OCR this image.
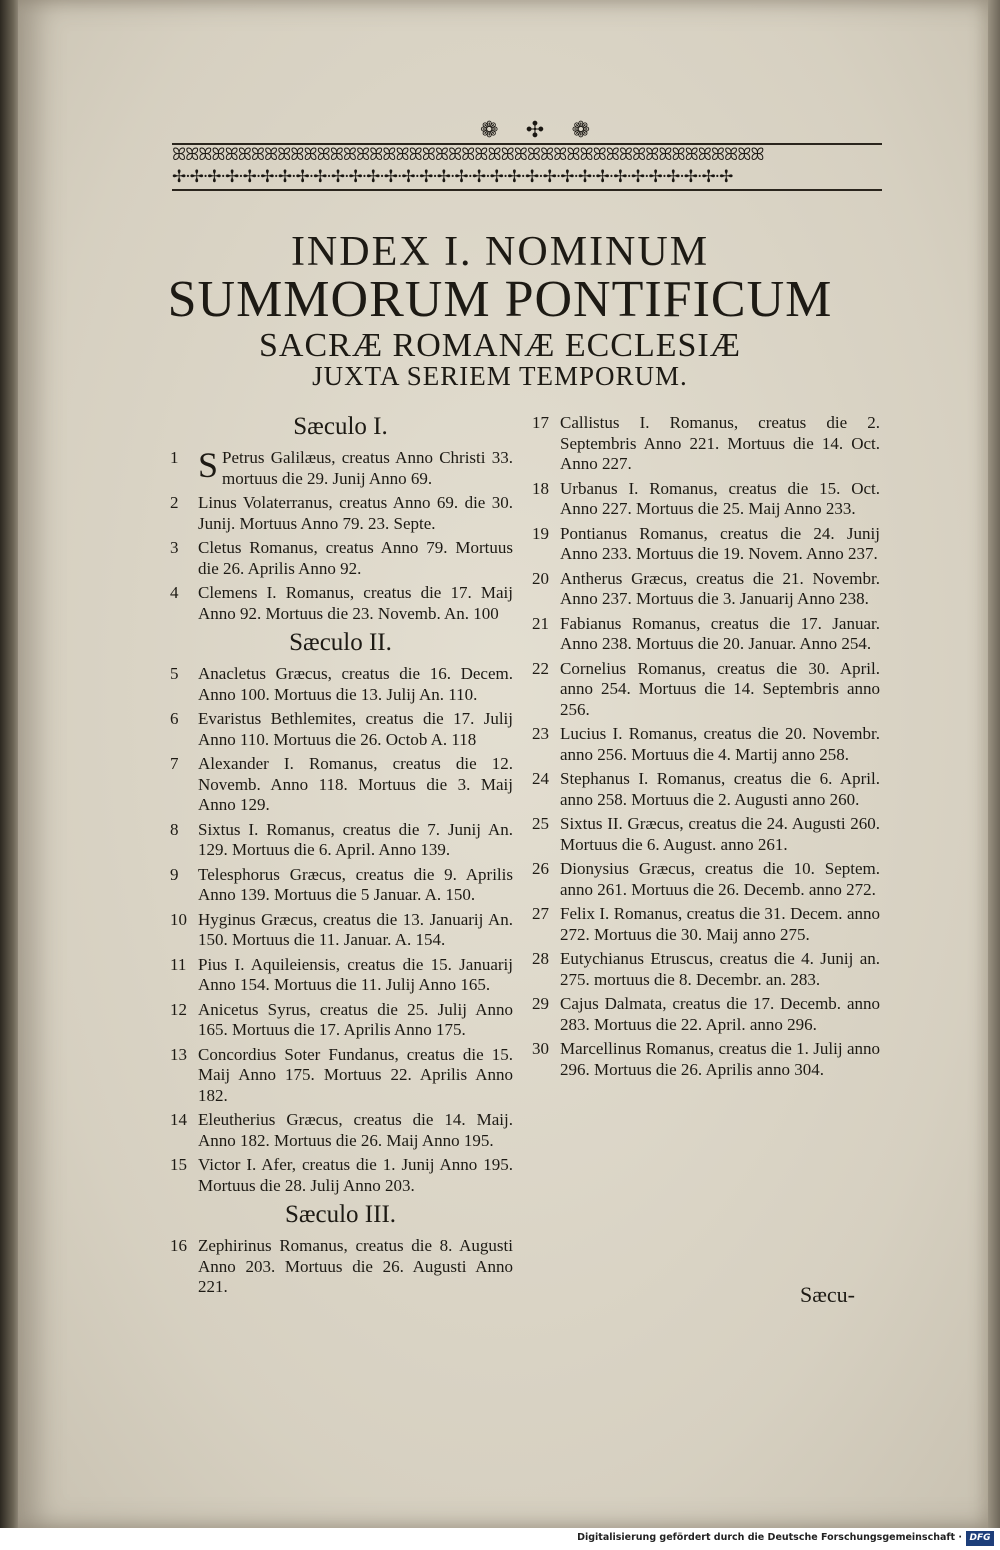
❁ ✣ ❁
ꕤꕤꕤꕤꕤꕤꕤꕤꕤꕤꕤꕤꕤꕤꕤꕤꕤꕤꕤꕤꕤꕤꕤꕤꕤꕤꕤꕤꕤꕤꕤꕤꕤꕤꕤꕤꕤꕤꕤꕤꕤꕤꕤꕤꕤ
✢·✢·✢·✢·✢·✢·✢·✢·✢·✢·✢·✢·✢·✢·✢·✢·✢·✢·✢·✢·✢·✢·✢·✢·✢·✢·✢·✢·✢·✢·✢·✢
INDEX I. NOMINUM
SUMMORUM PONTIFICUM
SACRÆ ROMANÆ ECCLESIÆ
JUXTA SERIEM TEMPORUM.
Sæculo I.
1 S Petrus Galilæus, creatus Anno Christi 33. mortuus die 29. Junij Anno 69.
2	Linus Volaterranus, creatus Anno 69. die 30. Junij. Mortuus Anno 79. 23. Septe.
3	Cletus Romanus, creatus Anno 79. Mortuus die 26. Aprilis Anno 92.
4	Clemens I. Romanus, creatus die 17. Maij Anno 92. Mortuus die 23. Novemb. An. 100
Sæculo II.
5	Anacletus Græcus, creatus die 16. Decem. Anno 100. Mortuus die 13. Julij An. 110.
6	Evaristus Bethlemites, creatus die 17. Julij Anno 110. Mortuus die 26. Octob A. 118
7	Alexander I. Romanus, creatus die 12. Novemb. Anno 118. Mortuus die 3. Maij Anno 129.
8	Sixtus I. Romanus, creatus die 7. Junij An. 129. Mortuus die 6. April. Anno 139.
9	Telesphorus Græcus, creatus die 9. Aprilis Anno 139. Mortuus die 5 Januar. A. 150.
10 Hyginus Græcus, creatus die 13. Januarij An. 150. Mortuus die 11. Januar. A. 154.
11 Pius I. Aquileiensis, creatus die 15. Januarij Anno 154. Mortuus die 11. Julij Anno 165.
12 Anicetus Syrus, creatus die 25. Julij Anno 165. Mortuus die 17. Aprilis Anno 175.
13 Concordius Soter Fundanus, creatus die 15. Maij Anno 175. Mortuus 22. Aprilis Anno 182.
14 Eleutherius Græcus, creatus die 14. Maij. Anno 182. Mortuus die 26. Maij Anno 195.
15 Victor I. Afer, creatus die 1. Junij Anno 195. Mortuus die 28. Julij Anno 203.
Sæculo III.
16 Zephirinus Romanus, creatus die 8. Augusti Anno 203. Mortuus die 26. Augusti Anno 221.
17 Callistus I. Romanus, creatus die 2. Septembris Anno 221. Mortuus die 14. Oct. Anno 227.
18 Urbanus I. Romanus, creatus die 15. Oct. Anno 227. Mortuus die 25. Maij Anno 233.
19 Pontianus Romanus, creatus die 24. Junij Anno 233. Mortuus die 19. Novem. Anno 237.
20 Antherus Græcus, creatus die 21. Novembr. Anno 237. Mortuus die 3. Januarij Anno 238.
21 Fabianus Romanus, creatus die 17. Januar. Anno 238. Mortuus die 20. Januar. Anno 254.
22 Cornelius Romanus, creatus die 30. April. anno 254. Mortuus die 14. Septembris anno 256.
23 Lucius I. Romanus, creatus die 20. Novembr. anno 256. Mortuus die 4. Martij anno 258.
24 Stephanus I. Romanus, creatus die 6. April. anno 258. Mortuus die 2. Augusti anno 260.
25 Sixtus II. Græcus, creatus die 24. Augusti 260. Mortuus die 6. August. anno 261.
26 Dionysius Græcus, creatus die 10. Septem. anno 261. Mortuus die 26. Decemb. anno 272.
27 Felix I. Romanus, creatus die 31. Decem. anno 272. Mortuus die 30. Maij anno 275.
28 Eutychianus Etruscus, creatus die 4. Junij an. 275. mortuus die 8. Decembr. an. 283.
29 Cajus Dalmata, creatus die 17. Decemb. anno 283. Mortuus die 22. April. anno 296.
30 Marcellinus Romanus, creatus die 1. Julij anno 296. Mortuus die 26. Aprilis anno 304.
Sæcu-
Digitalisierung gefördert durch die Deutsche Forschungsgemeinschaft · DFG
